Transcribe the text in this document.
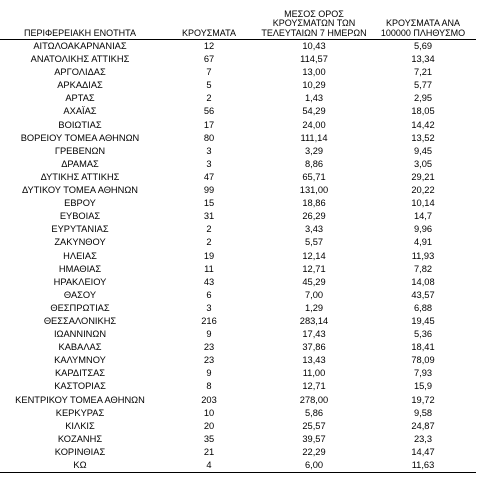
ΠΕΡΙΦΕΡΕΙΑΚΗ ΕΝΟΤΗΤΑ	ΚΡΟΥΣΜΑΤΑ	ΜΕΣΟΣ ΟΡΟΣ ΚΡΟΥΣΜΑΤΩΝ ΤΩΝ ΤΕΛΕΥΤΑΙΩΝ 7 ΗΜΕΡΩΝ	ΚΡΟΥΣΜΑΤΑ ΑΝΑ 100000 ΠΛΗΘΥΣΜΟ
ΑΙΤΩΛΟΑΚΑΡΝΑΝΙΑΣ	12	10,43	5,69
ΑΝΑΤΟΛΙΚΗΣ ΑΤΤΙΚΗΣ	67	114,57	13,34
ΑΡΓΟΛΙΔΑΣ	7	13,00	7,21
ΑΡΚΑΔΙΑΣ	5	10,29	5,77
ΑΡΤΑΣ	2	1,43	2,95
ΑΧΑΪΑΣ	56	54,29	18,05
ΒΟΙΩΤΙΑΣ	17	24,00	14,42
ΒΟΡΕΙΟΥ ΤΟΜΕΑ ΑΘΗΝΩΝ	80	111,14	13,52
ΓΡΕΒΕΝΩΝ	3	3,29	9,45
ΔΡΑΜΑΣ	3	8,86	3,05
ΔΥΤΙΚΗΣ ΑΤΤΙΚΗΣ	47	65,71	29,21
ΔΥΤΙΚΟΥ ΤΟΜΕΑ ΑΘΗΝΩΝ	99	131,00	20,22
ΕΒΡΟΥ	15	18,86	10,14
ΕΥΒΟΙΑΣ	31	26,29	14,7
ΕΥΡΥΤΑΝΙΑΣ	2	3,43	9,96
ΖΑΚΥΝΘΟΥ	2	5,57	4,91
ΗΛΕΙΑΣ	19	12,14	11,93
ΗΜΑΘΙΑΣ	11	12,71	7,82
ΗΡΑΚΛΕΙΟΥ	43	45,29	14,08
ΘΑΣΟΥ	6	7,00	43,57
ΘΕΣΠΡΩΤΙΑΣ	3	1,29	6,88
ΘΕΣΣΑΛΟΝΙΚΗΣ	216	283,14	19,45
ΙΩΑΝΝΙΝΩΝ	9	17,43	5,36
ΚΑΒΑΛΑΣ	23	37,86	18,41
ΚΑΛΥΜΝΟΥ	23	13,43	78,09
ΚΑΡΔΙΤΣΑΣ	9	11,00	7,93
ΚΑΣΤΟΡΙΑΣ	8	12,71	15,9
ΚΕΝΤΡΙΚΟΥ ΤΟΜΕΑ ΑΘΗΝΩΝ	203	278,00	19,72
ΚΕΡΚΥΡΑΣ	10	5,86	9,58
ΚΙΛΚΙΣ	20	25,57	24,87
ΚΟΖΑΝΗΣ	35	39,57	23,3
ΚΟΡΙΝΘΙΑΣ	21	22,29	14,47
ΚΩ	4	6,00	11,63
